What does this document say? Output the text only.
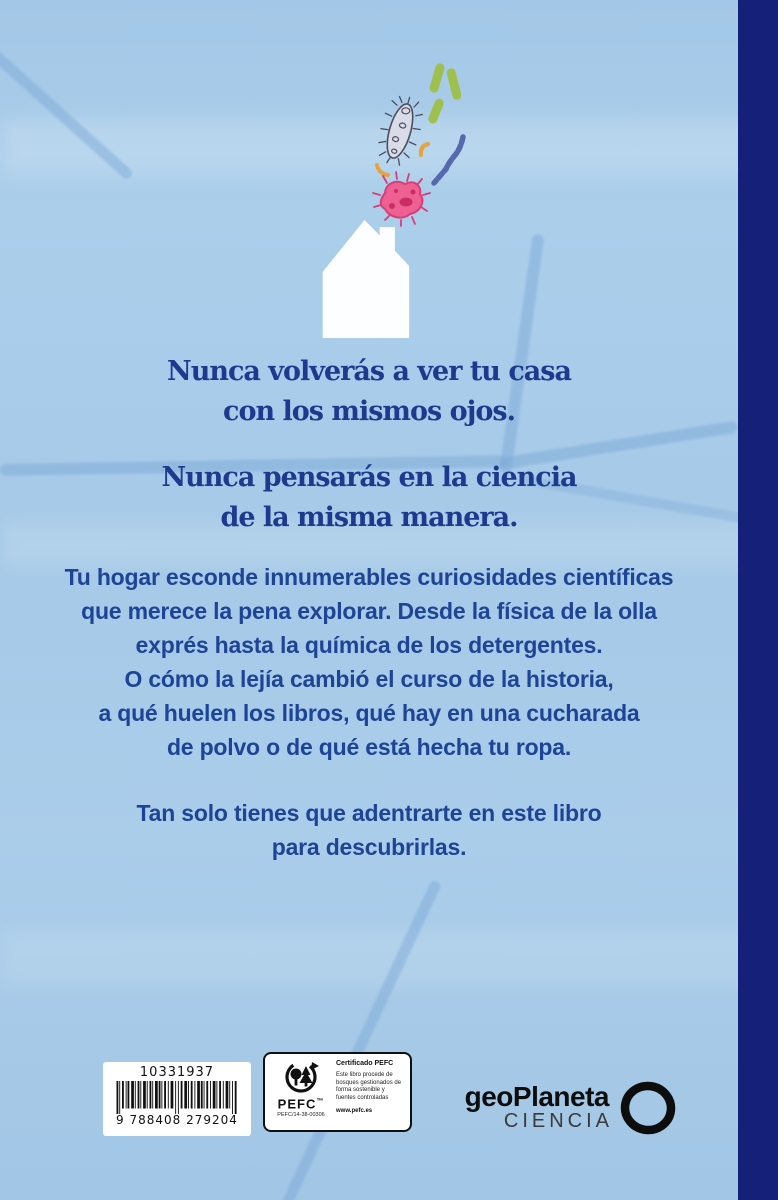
Nunca volverás a ver tu casa
con los mismos ojos.
Nunca pensarás en la ciencia
de la misma manera.
Tu hogar esconde innumerables curiosidades científicas
que merece la pena explorar. Desde la física de la olla
exprés hasta la química de los detergentes.
O cómo la lejía cambió el curso de la historia,
a qué huelen los libros, qué hay en una cucharada
de polvo o de qué está hecha tu ropa.
Tan solo tienes que adentrarte en este libro
para descubrirlas.
10331937
9 788408 279204
PEFC™
PEFC/14-38-00306
Certificado PEFC
Este libro procede de bosques gestionados de forma sostenible y fuentes controladas
www.pefc.es	geoPlaneta
CIENCIA
